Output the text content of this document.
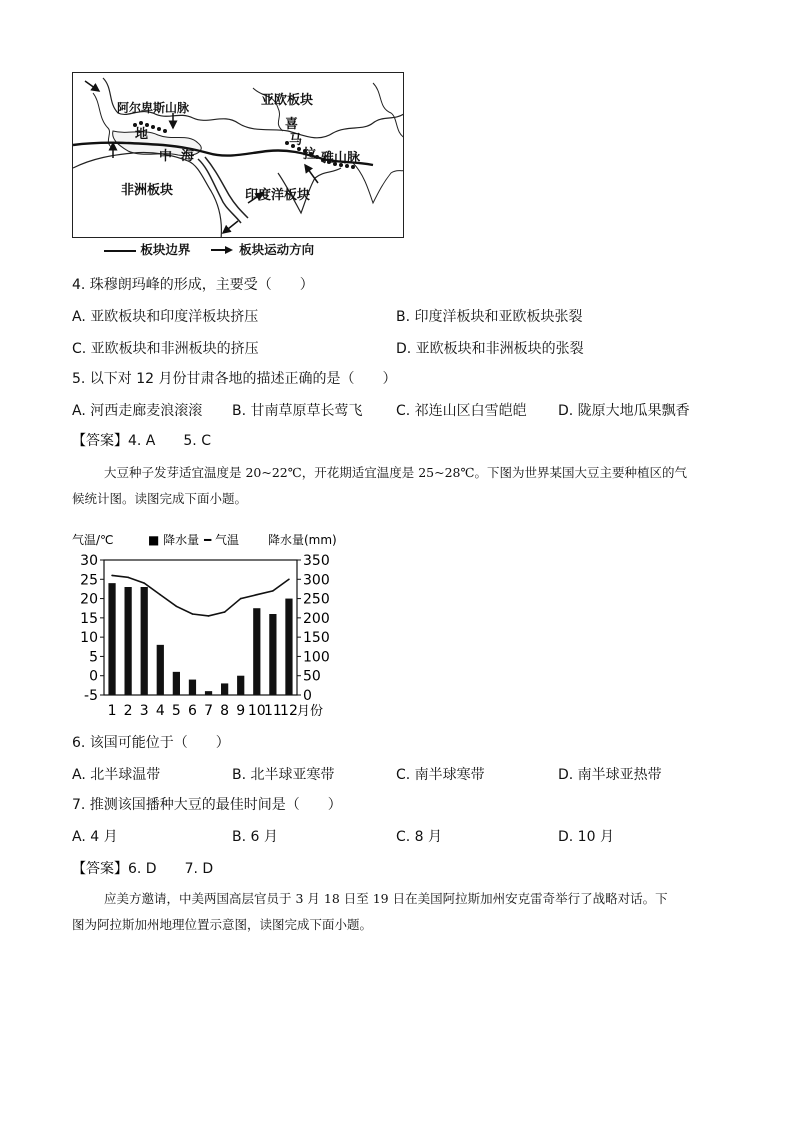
亚欧板块
阿尔卑斯山脉
地
中 海
非洲板块	印度洋板块
喜
马
拉 雅山脉
板块边界	板块运动方向
4. 珠穆朗玛峰的形成，主要受（　　）
A. 亚欧板块和印度洋板块挤压	B. 印度洋板块和亚欧板块张裂
C. 亚欧板块和非洲板块的挤压	D. 亚欧板块和非洲板块的张裂
5. 以下对 12 月份甘肃各地的描述正确的是（　　）
A. 河西走廊麦浪滚滚 B. 甘南草原草长莺飞 C. 祁连山区白雪皑皑 D. 陇原大地瓜果飘香
【答案】4. A　　5. C
大豆种子发芽适宜温度是 20~22℃，开花期适宜温度是 25~28℃。下图为世界某国大豆主要种植区的气
候统计图。读图完成下面小题。
气温/℃	■ 降水量 ━ 气温 降水量(mm)
30
25
20
15
10
5
0
-5
350
300
250
200
150
100
50
0
1 2 3 4 5 6 7 8 9 10
11
12 月份
6. 该国可能位于（　　）
A. 北半球温带	B. 北半球亚寒带	C. 南半球寒带	D. 南半球亚热带
7. 推测该国播种大豆的最佳时间是（　　）
A. 4 月	B. 6 月	C. 8 月	D. 10 月
【答案】6. D　　7. D
应美方邀请，中美两国高层官员于 3 月 18 日至 19 日在美国阿拉斯加州安克雷奇举行了战略对话。下
图为阿拉斯加州地理位置示意图，读图完成下面小题。
